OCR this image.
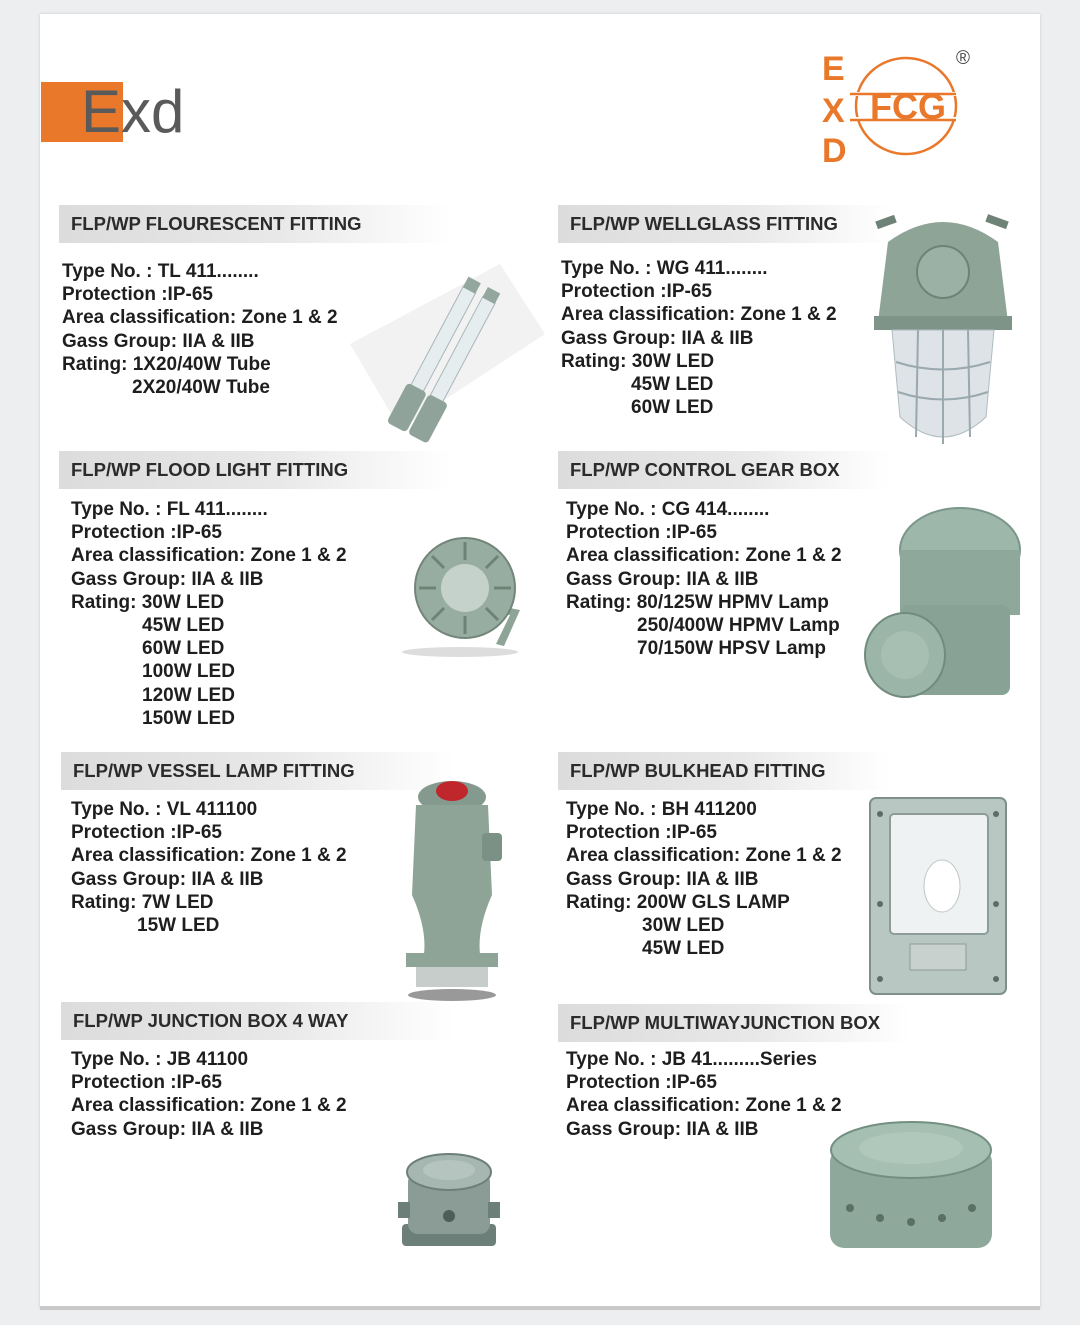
Exd
E
X
D
FCG
®
FLP/WP FLOURESCENT FITTING	FLP/WP WELLGLASS FITTING
FLP/WP FLOOD LIGHT FITTING	FLP/WP CONTROL GEAR BOX
FLP/WP VESSEL LAMP FITTING	FLP/WP BULKHEAD FITTING
FLP/WP JUNCTION BOX 4 WAY	FLP/WP MULTIWAYJUNCTION BOX
Type No. : TL 411........
Protection :IP-65
Area classification: Zone 1 & 2
Gass Group: IIA & IIB
Rating: 1X20/40W Tube
2X20/40W Tube
Type No. : WG 411........
Protection :IP-65
Area classification: Zone 1 & 2
Gass Group: IIA & IIB
Rating: 30W LED
45W LED
60W LED
Type No. : FL 411........
Protection :IP-65
Area classification: Zone 1 & 2
Gass Group: IIA & IIB
Rating: 30W LED
45W LED
60W LED
100W LED
120W LED
150W LED
Type No. : CG 414........
Protection :IP-65
Area classification: Zone 1 & 2
Gass Group: IIA & IIB
Rating: 80/125W HPMV Lamp
250/400W HPMV Lamp
70/150W HPSV Lamp
Type No. : VL 411100
Protection :IP-65
Area classification: Zone 1 & 2
Gass Group: IIA & IIB
Rating: 7W LED
15W LED
Type No. : BH 411200
Protection :IP-65
Area classification: Zone 1 & 2
Gass Group: IIA & IIB
Rating: 200W GLS LAMP
30W LED
45W LED
Type No. : JB 41100
Protection :IP-65
Area classification: Zone 1 & 2
Gass Group: IIA & IIB
Type No. : JB 41.........Series
Protection :IP-65
Area classification: Zone 1 & 2
Gass Group: IIA & IIB
